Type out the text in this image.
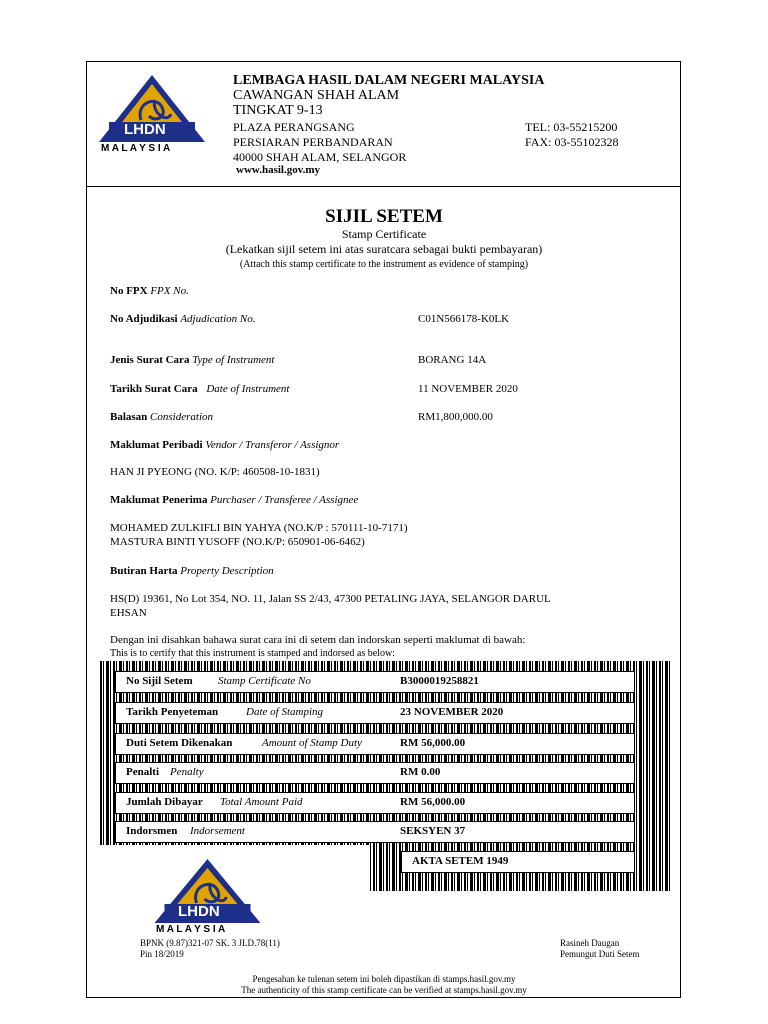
LHDN
M A L A Y S I A
LEMBAGA HASIL DALAM NEGERI MALAYSIA
CAWANGAN SHAH ALAM
TINGKAT 9-13
PLAZA PERANGSANG
PERSIARAN PERBANDARAN
40000 SHAH ALAM, SELANGOR
www.hasil.gov.my
TEL: 03-55215200
FAX: 03-55102328
SIJIL SETEM
Stamp Certificate
(Lekatkan sijil setem ini atas suratcara sebagai bukti pembayaran)
(Attach this stamp certificate to the instrument as evidence of stamping)
No FPX FPX No.
No Adjudikasi Adjudication No.	C01N566178-K0LK
Jenis Surat Cara Type of Instrument	BORANG 14A
Tarikh Surat Cara Date of Instrument	11 NOVEMBER 2020
Balasan Consideration	RM1,800,000.00
Maklumat Peribadi Vendor / Transferor / Assignor
HAN JI PYEONG (NO. K/P: 460508-10-1831)
Maklumat Penerima Purchaser / Transferee / Assignee
MOHAMED ZULKIFLI BIN YAHYA (NO.K/P : 570111-10-7171)
MASTURA BINTI YUSOFF (NO.K/P: 650901-06-6462)
Butiran Harta Property Description
HS(D) 19361, No Lot 354, NO. 11, Jalan SS 2/43, 47300 PETALING JAYA, SELANGOR DARUL
EHSAN
Dengan ini disahkan bahawa surat cara ini di setem dan indorskan seperti maklumat di bawah:
This is to certify that this instrument is stamped and indorsed as below:
No Sijil Setem Stamp Certificate No	B3000019258821
Tarikh Penyeteman	Date of Stamping	23 NOVEMBER 2020
Duti Setem Dikenakan	Amount of Stamp Duty	RM 56,000.00
Penalti Penalty	RM 0.00
Jumlah Dibayar Total Amount Paid	RM 56,000.00
Indorsmen Indorsement	SEKSYEN 37
AKTA SETEM 1949
LHDN
M A L A Y S I A
BPNK (9.87)321-07 SK. 3 JLD.78(11)
Pin 18/2019
Rasineh Daugan
Pemungut Duti Setem
Pengesahan ke tulenan setem ini boleh dipastikan di stamps.hasil.gov.my
The authenticity of this stamp certificate can be verified at stamps.hasil.gov.my
